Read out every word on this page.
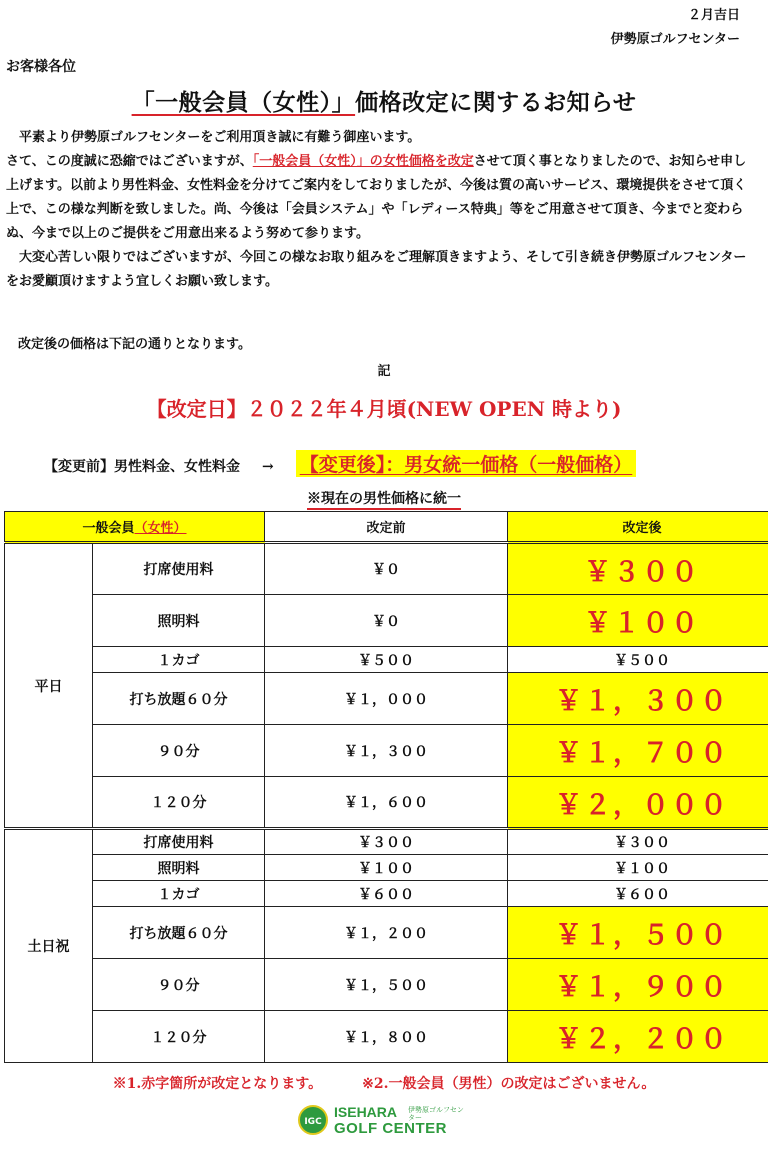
２月吉日
伊勢原ゴルフセンター
お客様各位
「一般会員（女性）」価格改定に関するお知らせ

 平素より伊勢原ゴルフセンターをご利用頂き誠に有難う御座います。

さて、この度誠に恐縮ではございますが、「一般会員（女性）」の女性価格を改定させて頂く事となりましたので、お知らせ申し上げます。以前より男性料金、女性料金を分けてご案内をしておりましたが、今後は質の高いサービス、環境提供をさせて頂く上で、この様な判断を致しました。尚、今後は「会員システム」や「レディース特典」等をご用意させて頂き、今までと変わらぬ、今まで以上のご提供をご用意出来るよう努めて参ります。

 大変心苦しい限りではございますが、今回この様なお取り組みをご理解頂きますよう、そして引き続き伊勢原ゴルフセンターをお愛顧頂けますよう宜しくお願い致します。

改定後の価格は下記の通りとなります。
記
【改定日】２０２２年４月頃(NEW OPEN 時より)
【変更前】男性料金、女性料金 → 【変更後】：男女統一価格（一般価格）
※現在の男性価格に統一
一般会員（女性）		改定前	改定後
平日	打席使用料	￥０	￥３００
	照明料	￥０	￥１００
	１カゴ	￥５００	￥５００
	打ち放題６０分	￥１，０００	￥１，３００
	９０分	￥１，３００	￥１，７００
	１２０分	￥１，６００	￥２，０００
土日祝	打席使用料	￥３００	￥３００
	照明料	￥１００	￥１００
	１カゴ	￥６００	￥６００
	打ち放題６０分	￥１，２００	￥１，５００
	９０分	￥１，５００	￥１，９００
	１２０分	￥１，８００	￥２，２００
※1.赤字箇所が改定となります。	※2.一般会員（男性）の改定はございません。
IGC
ISEHARA 伊勢原ゴルフセンター
GOLF CENTER
